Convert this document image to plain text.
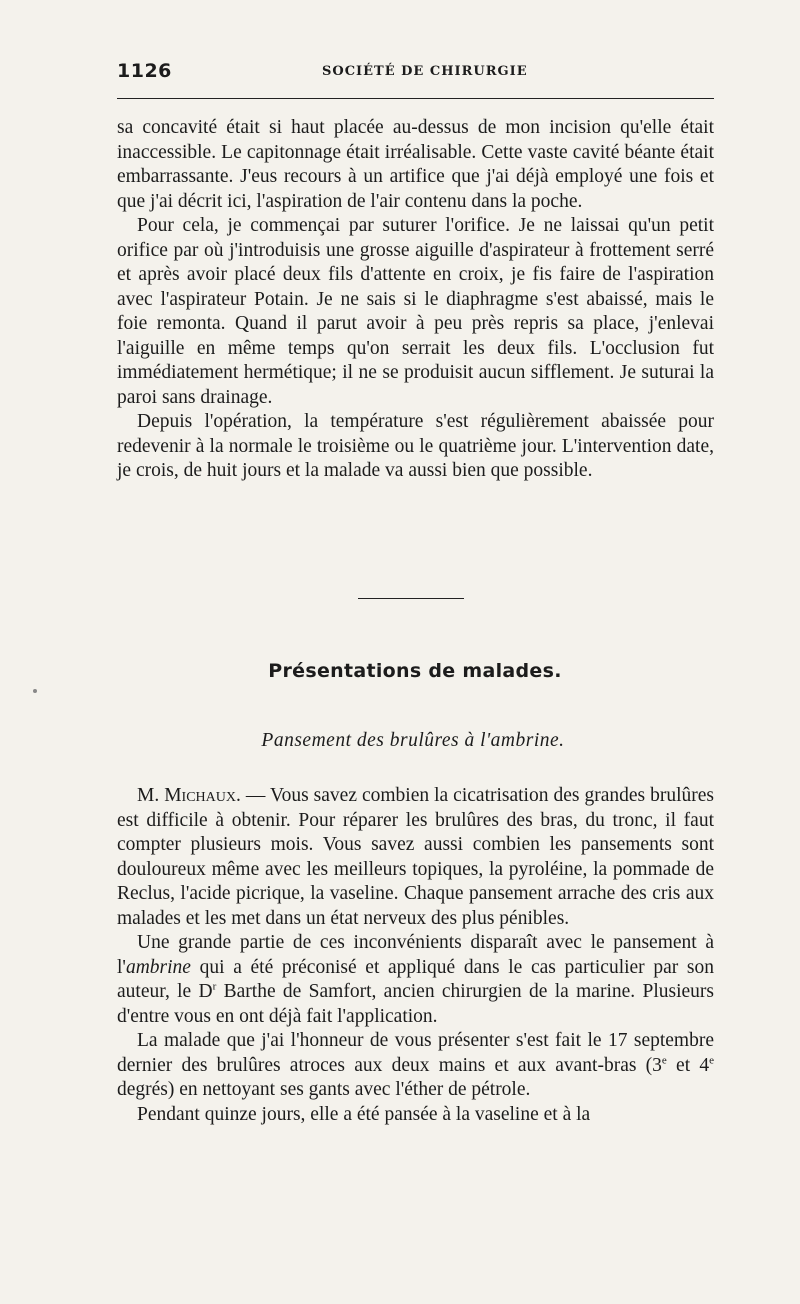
1126	SOCIÉTÉ DE CHIRURGIE

sa concavité était si haut placée au-dessus de mon incision qu'elle était inaccessible. Le capitonnage était irréalisable. Cette vaste cavité béante était embarrassante. J'eus recours à un artifice que j'ai déjà employé une fois et que j'ai décrit ici, l'aspiration de l'air contenu dans la poche.

Pour cela, je commençai par suturer l'orifice. Je ne laissai qu'un petit orifice par où j'introduisis une grosse aiguille d'aspirateur à frottement serré et après avoir placé deux fils d'attente en croix, je fis faire de l'aspiration avec l'aspirateur Potain. Je ne sais si le diaphragme s'est abaissé, mais le foie remonta. Quand il parut avoir à peu près repris sa place, j'enlevai l'aiguille en même temps qu'on serrait les deux fils. L'occlusion fut immédiatement hermétique; il ne se produisit aucun sifflement. Je suturai la paroi sans drainage.

Depuis l'opération, la température s'est régulièrement abaissée pour redevenir à la normale le troisième ou le quatrième jour. L'intervention date, je crois, de huit jours et la malade va aussi bien que possible.

Présentations de malades.
Pansement des brulûres à l'ambrine.

M. Michaux. — Vous savez combien la cicatrisation des grandes brulûres est difficile à obtenir. Pour réparer les brulûres des bras, du tronc, il faut compter plusieurs mois. Vous savez aussi combien les pansements sont douloureux même avec les meilleurs topiques, la pyroléine, la pommade de Reclus, l'acide picrique, la vaseline. Chaque pansement arrache des cris aux malades et les met dans un état nerveux des plus pénibles.

Une grande partie de ces inconvénients disparaît avec le pansement à l'ambrine qui a été préconisé et appliqué dans le cas particulier par son auteur, le $D^r$ Barthe de Samfort, ancien chirurgien de la marine. Plusieurs d'entre vous en ont déjà fait l'application.

La malade que j'ai l'honneur de vous présenter s'est fait le 17 septembre dernier des brulûres atroces aux deux mains et aux avant-bras (3e et 4e degrés) en nettoyant ses gants avec l'éther de pétrole.

Pendant quinze jours, elle a été pansée à la vaseline et à la
